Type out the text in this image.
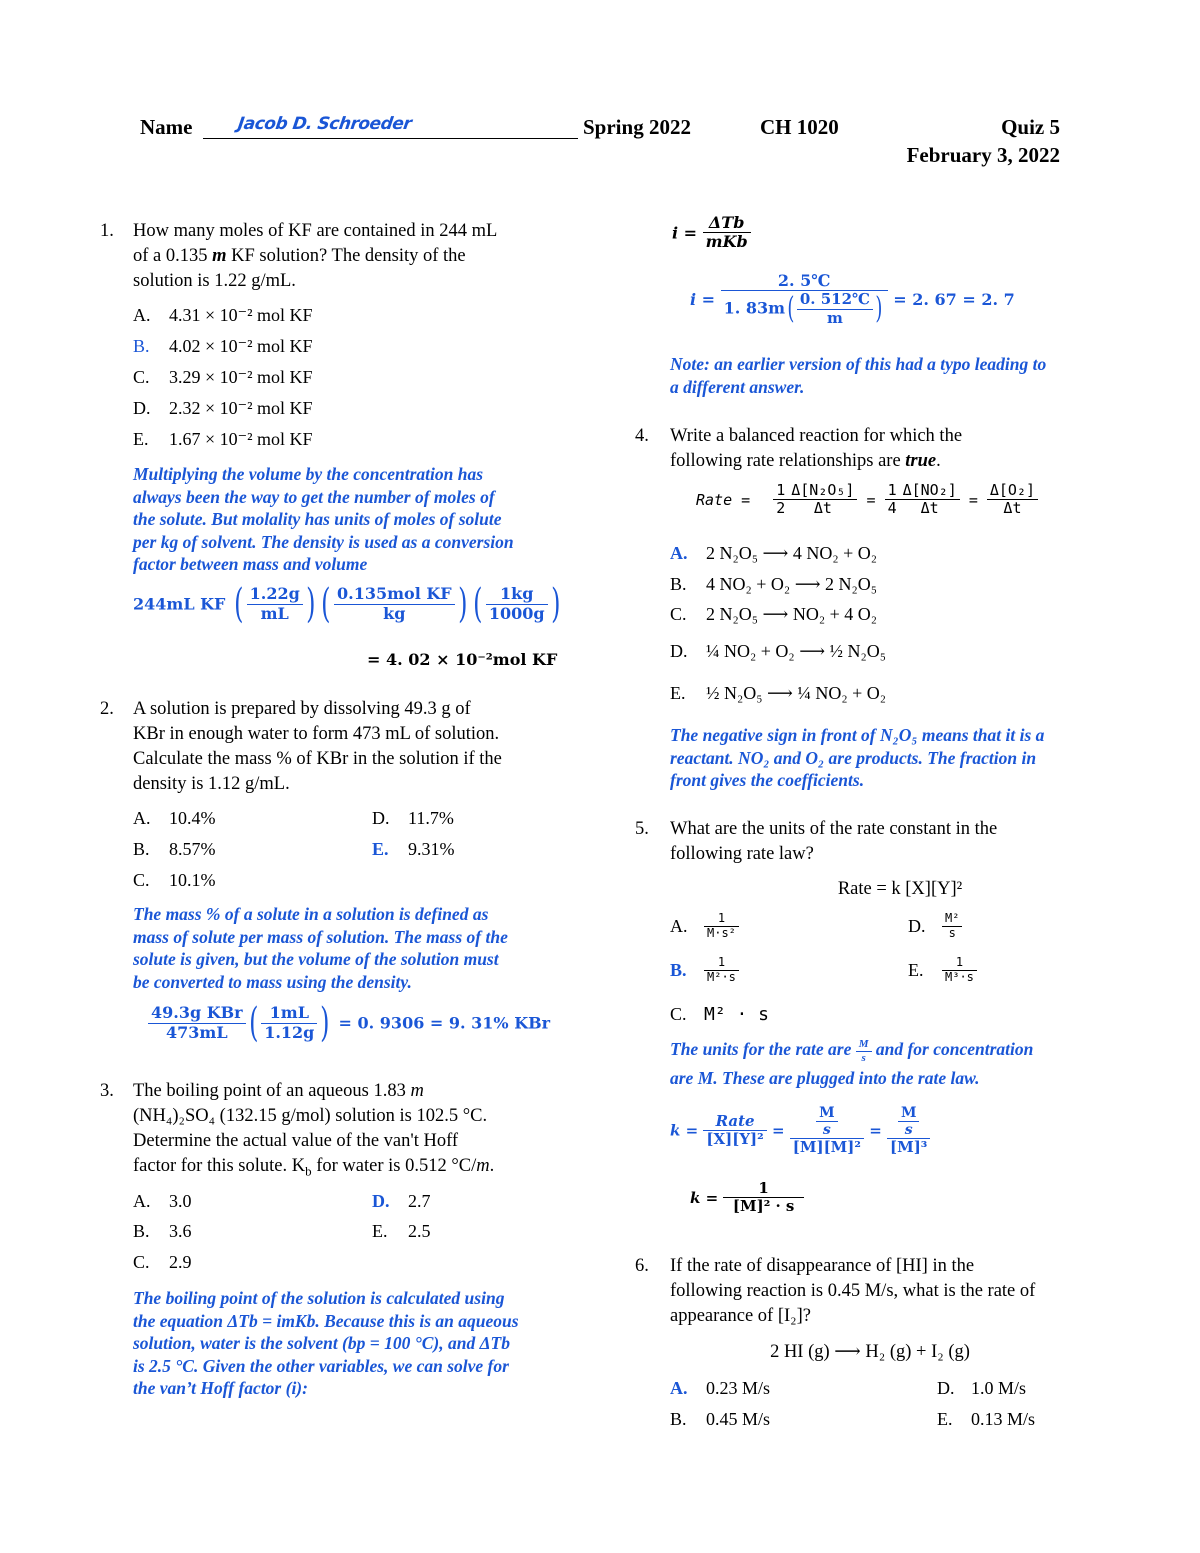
Name	Jacob D. Schroeder	Spring 2022	CH 1020	Quiz 5
February 3, 2022
1. How many moles of KF are contained in 244 mL
of a 0.135 m KF solution? The density of the
solution is 1.22 g/mL.
A. 4.31 × 10⁻² mol KF
B. 4.02 × 10⁻² mol KF
C. 3.29 × 10⁻² mol KF
D. 2.32 × 10⁻² mol KF
E. 1.67 × 10⁻² mol KF
Multiplying the volume by the concentration has
always been the way to get the number of moles of
the solute. But molality has units of moles of solute
per kg of solvent. The density is used as a conversion
factor between mass and volume
244mL KF ( $\frac{1.22g}{mL}$ ) ( $\frac{\text{0.135mol KF}}{kg}$ ) ( $\frac{1kg}{1000g}$ )
= 4. 02 × 10⁻²mol KF
2. A solution is prepared by dissolving 49.3 g of
KBr in enough water to form 473 mL of solution.
Calculate the mass % of KBr in the solution if the
density is 1.12 g/mL.
A. 10.4%	D. 11.7%
B. 8.57%	E. 9.31%
C. 10.1%
The mass % of a solute in a solution is defined as
mass of solute per mass of solution. The mass of the
solute is given, but the volume of the solution must
be converted to mass using the density.
$\frac{\text{49.3g KBr}}{473mL}$ ( $\frac{1mL}{1.12g}$ ) = 0. 9306 = 9. 31% KBr
3. The boiling point of an aqueous 1.83 m
(NH₄)₂SO₄ (132.15 g/mol) solution is 102.5 °C.
Determine the actual value of the van't Hoff
factor for this solute. $K_b$ for water is 0.512 °C/m.
A. 3.0	D. 2.7
B. 3.6	E. 2.5
C. 2.9
The boiling point of the solution is calculated using
the equation ΔTb = imKb. Because this is an aqueous
solution, water is the solvent (bp = 100 °C), and ΔTb
is 2.5 °C. Given the other variables, we can solve for
the van’t Hoff factor (i):
$i = \frac{\text{ΔTb}}{\text{mKb}}$
$i = \frac{2. 5℃}{1. 83m( \frac{0. 512℃}{m} )} = 2$. 67 = 2. 7
Note: an earlier version of this had a typo leading to
a different answer.
4. Write a balanced reaction for which the
following rate relationships are true.
Rate = $\frac{1}{2} \frac{\text{Δ[N₂O₅]}}{\Delta t} = \frac{1}{4} \frac{\text{Δ[NO₂]}}{\Delta t} = \frac{\text{Δ[O₂]}}{\Delta t}$
A. 2 N₂O₅ ⟶ 4 NO₂ + O₂
B. 4 NO₂ + O₂ ⟶ 2 N₂O₅
C. 2 N₂O₅ ⟶ NO₂ + 4 O₂
D. ¼ NO₂ + O₂ ⟶ ½ N₂O₅
E. ½ N₂O₅ ⟶ ¼ NO₂ + O₂
The negative sign in front of N₂O₅ means that it is a
reactant. NO₂ and O₂ are products. The fraction in
front gives the coefficients.
5. What are the units of the rate constant in the
following rate law?
Rate = k [X][Y]²
A. $\frac{1}{\text{M·s²}}$	D. $\frac{\text{M²}}{s}$
B. $\frac{1}{\text{M²·s}}$	E. $\frac{1}{\text{M³·s}}$
C. M² · s
The units for the rate are $\frac{M}{s}$ and for concentration
are M. These are plugged into the rate law.
$k = \frac{\text{Rate}}{\text{[X][Y]²}} = \frac{\frac{M}{s}}{\text{[M][M]²}} = \frac{\frac{M}{s}}{\text{[M]³}}$
$k = \frac{1}{\text{[M]² · s}}$
6. If the rate of disappearance of [HI] in the
following reaction is 0.45 M/s, what is the rate of
appearance of [I₂]?
2 HI (g) ⟶ H₂ (g) + I₂ (g)
A. 0.23 M/s	D. 1.0 M/s
B. 0.45 M/s	E. 0.13 M/s
